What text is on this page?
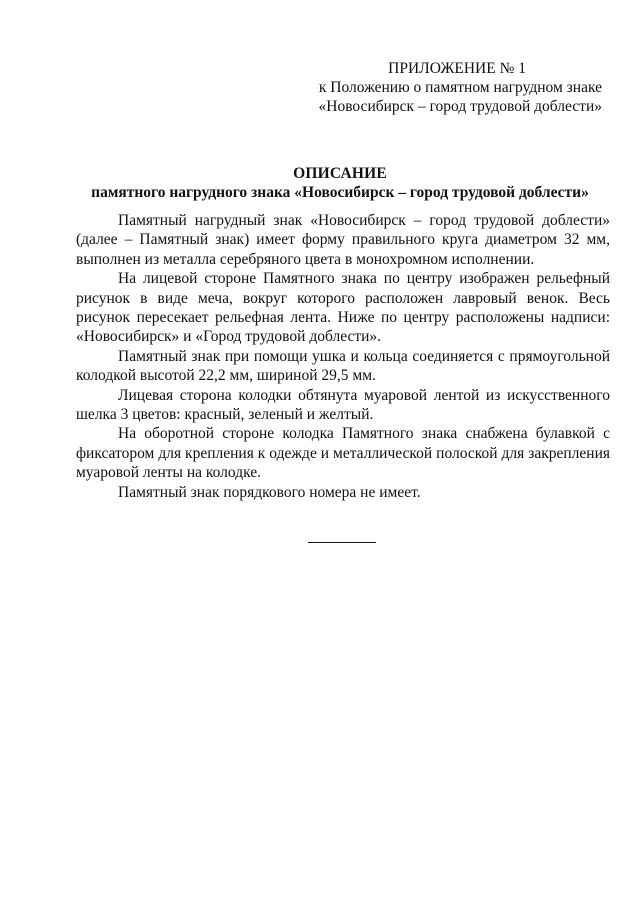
ПРИЛОЖЕНИЕ № 1
к Положению о памятном нагрудном знаке
«Новосибирск – город трудовой доблести»
ОПИСАНИЕ
памятного нагрудного знака «Новосибирск – город трудовой доблести»

Памятный нагрудный знак «Новосибирск – город трудовой доблести» (далее – Памятный знак) имеет форму правильного круга диаметром 32 мм, выполнен из металла серебряного цвета в монохромном исполнении.

На лицевой стороне Памятного знака по центру изображен рельефный рисунок в виде меча, вокруг которого расположен лавровый венок. Весь рисунок пересекает рельефная лента. Ниже по центру расположены надписи: «Новосибирск» и «Город трудовой доблести».

Памятный знак при помощи ушка и кольца соединяется с прямоугольной колодкой высотой 22,2 мм, шириной 29,5 мм.

Лицевая сторона колодки обтянута муаровой лентой из искусственного шелка 3 цветов: красный, зеленый и желтый.

На оборотной стороне колодка Памятного знака снабжена булавкой с фиксатором для крепления к одежде и металлической полоской для закрепления муаровой ленты на колодке.

Памятный знак порядкового номера не имеет.
